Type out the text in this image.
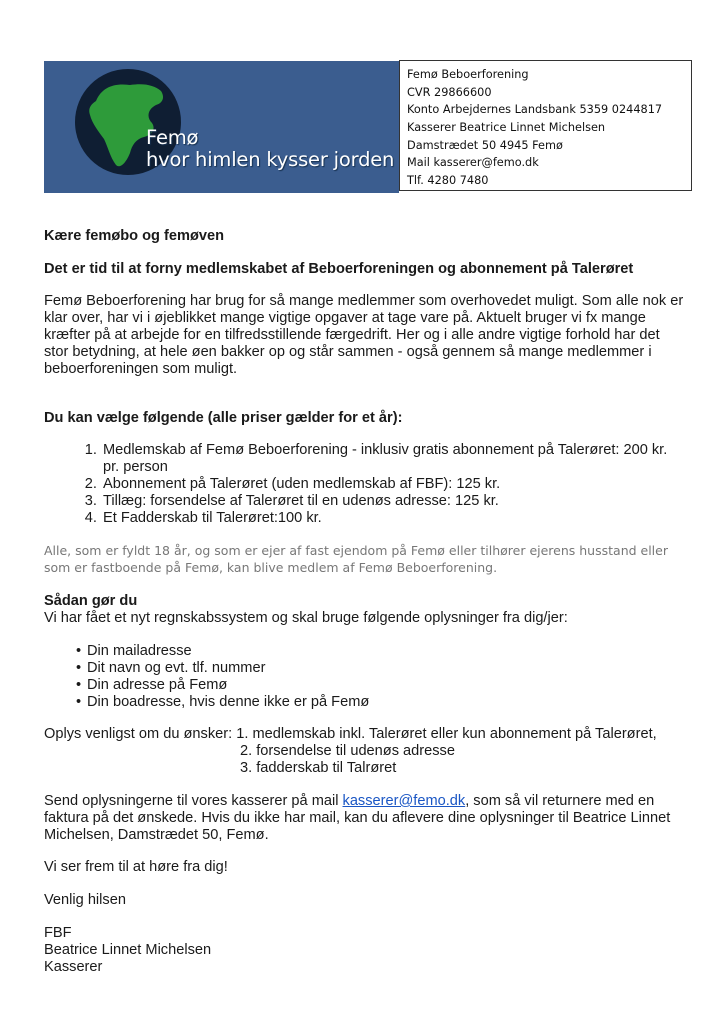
Femø
hvor himlen kysser jorden
Femø Beboerforening
CVR 29866600
Konto Arbejdernes Landsbank 5359 0244817
Kasserer Beatrice Linnet Michelsen
Damstrædet 50 4945 Femø
Mail kasserer@femo.dk
Tlf. 4280 7480

Kære femøbo og femøven

Det er tid til at forny medlemskabet af Beboerforeningen og abonnement på Talerøret

Femø Beboerforening har brug for så mange medlemmer som overhovedet muligt. Som alle nok er klar over, har vi i øjeblikket mange vigtige opgaver at tage vare på. Aktuelt bruger vi fx mange kræfter på at arbejde for en tilfredsstillende færgedrift. Her og i alle andre vigtige forhold har det stor betydning, at hele øen bakker op og står sammen - også gennem så mange medlemmer i beboerforeningen som muligt.

Du kan vælge følgende (alle priser gælder for et år):

1. Medlemskab af Femø Beboerforening - inklusiv gratis abonnement på Talerøret: 200 kr. pr. person
2. Abonnement på Talerøret (uden medlemskab af FBF): 125 kr.
3. Tillæg: forsendelse af Talerøret til en udenøs adresse: 125 kr.
4. Et Fadderskab til Talerøret:100 kr.

Alle, som er fyldt 18 år, og som er ejer af fast ejendom på Femø eller tilhører ejerens husstand eller som er fastboende på Femø, kan blive medlem af Femø Beboerforening.

Sådan gør du

Vi har fået et nyt regnskabssystem og skal bruge følgende oplysninger fra dig/jer:

• Din mailadresse
• Dit navn og evt. tlf. nummer
• Din adresse på Femø
• Din boadresse, hvis denne ikke er på Femø
Oplys venligst om du ønsker: 1. medlemskab inkl. Talerøret eller kun abonnement på Talerøret,
2. forsendelse til udenøs adresse
3. fadderskab til Talrøret

Send oplysningerne til vores kasserer på mail kasserer@femo.dk, som så vil returnere med en faktura på det ønskede. Hvis du ikke har mail, kan du aflevere dine oplysninger til Beatrice Linnet Michelsen, Damstrædet 50, Femø.

Vi ser frem til at høre fra dig!

Venlig hilsen

FBF
Beatrice Linnet Michelsen
Kasserer
